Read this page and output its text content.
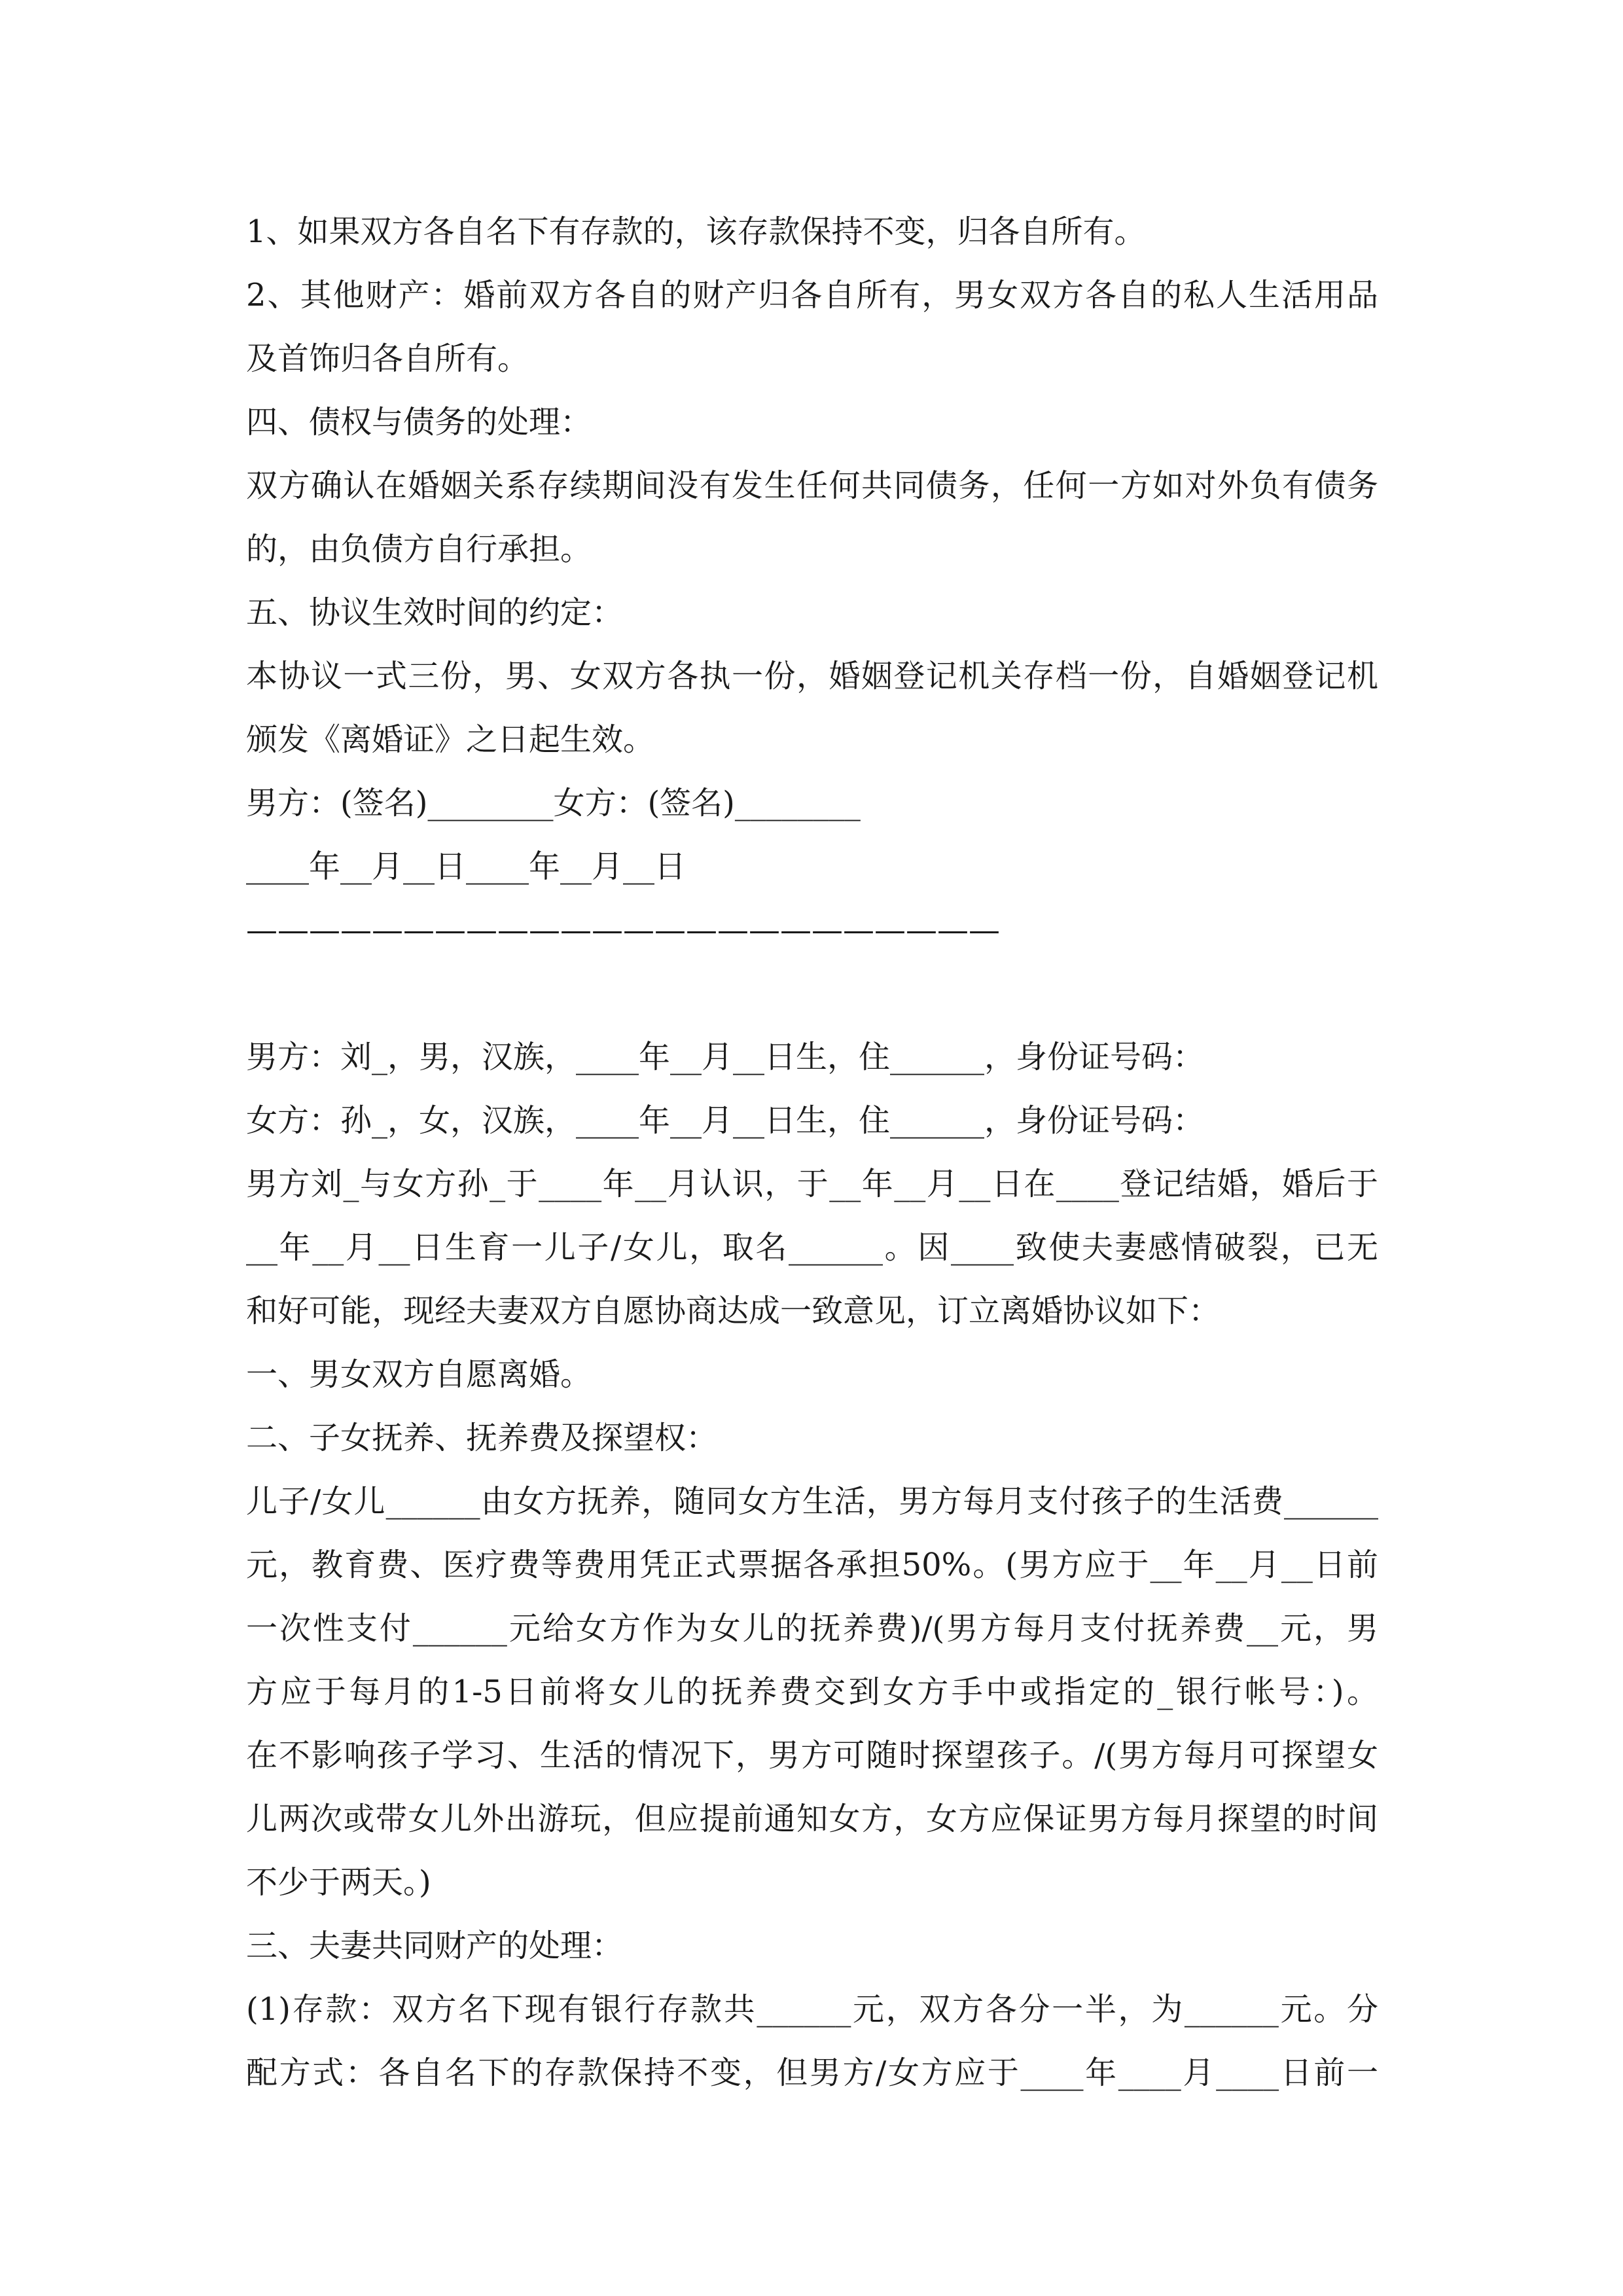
1、如果双方各自名下有存款的，该存款保持不变，归各自所有。
2、其他财产：婚前双方各自的财产归各自所有，男女双方各自的私人生活用品
及首饰归各自所有。
四、债权与债务的处理：
双方确认在婚姻关系存续期间没有发生任何共同债务，任何一方如对外负有债务
的，由负债方自行承担。
五、协议生效时间的约定：
本协议一式三份，男、女双方各执一份，婚姻登记机关存档一份，自婚姻登记机
颁发《离婚证》之日起生效。
男方：(签名)________女方：(签名)________
____年__月__日____年__月__日
————————————————————————
男方：刘_，男，汉族，____年__月__日生，住______，身份证号码：
女方：孙_，女，汉族，____年__月__日生，住______，身份证号码：
男方刘_与女方孙_于____年__月认识，于__年__月__日在____登记结婚，婚后于
__年__月__日生育一儿子/女儿，取名______。因____致使夫妻感情破裂，已无
和好可能，现经夫妻双方自愿协商达成一致意见，订立离婚协议如下：
一、男女双方自愿离婚。
二、子女抚养、抚养费及探望权：
儿子/女儿______由女方抚养，随同女方生活，男方每月支付孩子的生活费______
元，教育费、医疗费等费用凭正式票据各承担50%。(男方应于__年__月__日前
一次性支付______元给女方作为女儿的抚养费)/(男方每月支付抚养费__元，男
方应于每月的1-5日前将女儿的抚养费交到女方手中或指定的_银行帐号：)。
在不影响孩子学习、生活的情况下，男方可随时探望孩子。/(男方每月可探望女
儿两次或带女儿外出游玩，但应提前通知女方，女方应保证男方每月探望的时间
不少于两天。)
三、夫妻共同财产的处理：
(1)存款：双方名下现有银行存款共______元，双方各分一半，为______元。分
配方式：各自名下的存款保持不变，但男方/女方应于____年____月____日前一
